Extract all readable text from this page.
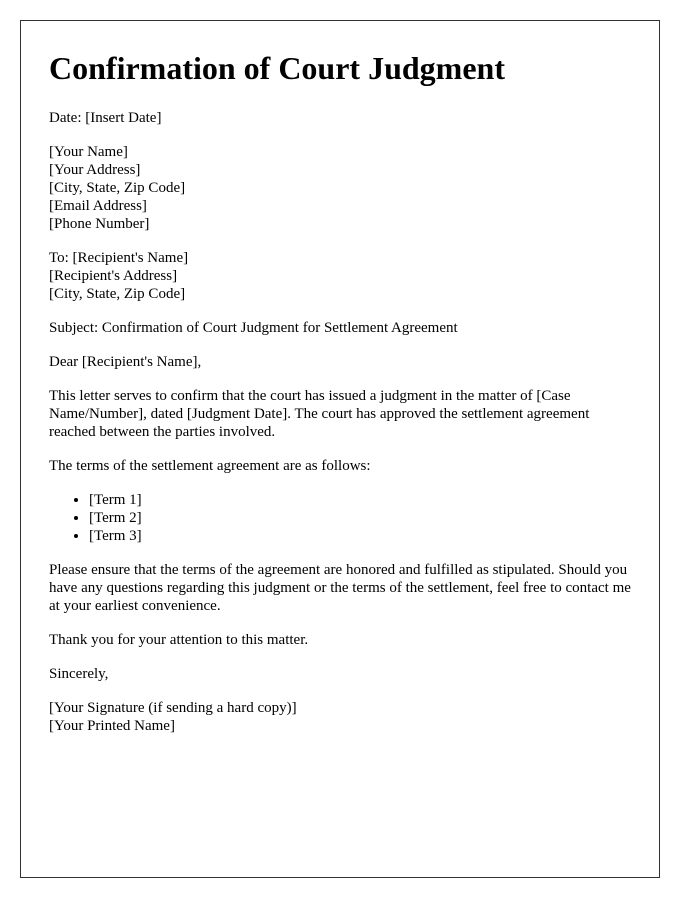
Confirmation of Court Judgment

Date: [Insert Date]

[Your Name]
[Your Address]
[City, State, Zip Code]
[Email Address]
[Phone Number]

To: [Recipient's Name]
[Recipient's Address]
[City, State, Zip Code]

Subject: Confirmation of Court Judgment for Settlement Agreement

Dear [Recipient's Name],

This letter serves to confirm that the court has issued a judgment in the matter of [Case Name/Number], dated [Judgment Date]. The court has approved the settlement agreement reached between the parties involved.

The terms of the settlement agreement are as follows:

• [Term 1]
• [Term 2]
• [Term 3]

Please ensure that the terms of the agreement are honored and fulfilled as stipulated. Should you have any questions regarding this judgment or the terms of the settlement, feel free to contact me at your earliest convenience.

Thank you for your attention to this matter.

Sincerely,

[Your Signature (if sending a hard copy)]
[Your Printed Name]
